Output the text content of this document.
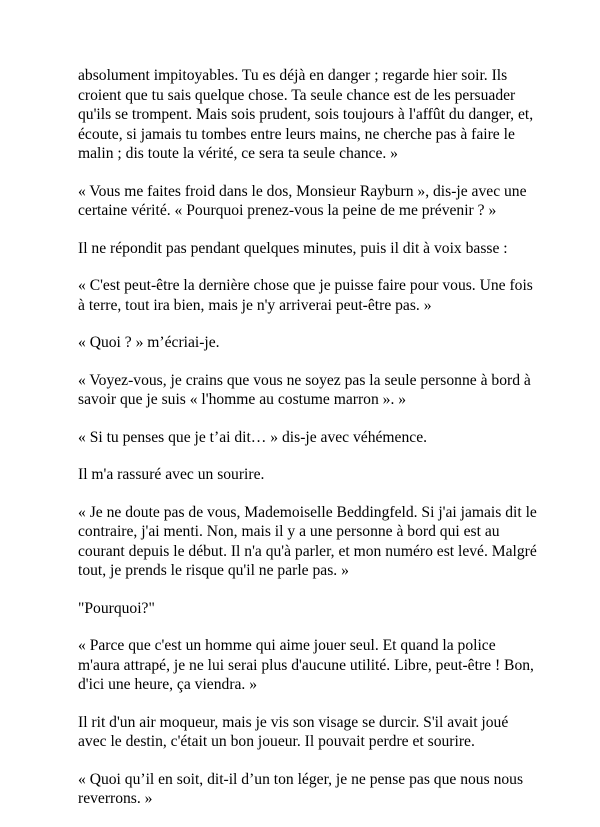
absolument impitoyables. Tu es déjà en danger ; regarde hier soir. Ils croient que tu sais quelque chose. Ta seule chance est de les persuader qu'ils se trompent. Mais sois prudent, sois toujours à l'affût du danger, et, écoute, si jamais tu tombes entre leurs mains, ne cherche pas à faire le malin ; dis toute la vérité, ce sera ta seule chance. »

« Vous me faites froid dans le dos, Monsieur Rayburn », dis-je avec une certaine vérité. « Pourquoi prenez-vous la peine de me prévenir ? »

Il ne répondit pas pendant quelques minutes, puis il dit à voix basse :

« C'est peut-être la dernière chose que je puisse faire pour vous. Une fois à terre, tout ira bien, mais je n'y arriverai peut-être pas. »

« Quoi ? » m’écriai-je.

« Voyez-vous, je crains que vous ne soyez pas la seule personne à bord à savoir que je suis « l'homme au costume marron ». »

« Si tu penses que je t’ai dit… » dis-je avec véhémence.

Il m'a rassuré avec un sourire.

« Je ne doute pas de vous, Mademoiselle Beddingfeld. Si j'ai jamais dit le contraire, j'ai menti. Non, mais il y a une personne à bord qui est au courant depuis le début. Il n'a qu'à parler, et mon numéro est levé. Malgré tout, je prends le risque qu'il ne parle pas. »

"Pourquoi?"

« Parce que c'est un homme qui aime jouer seul. Et quand la police m'aura attrapé, je ne lui serai plus d'aucune utilité. Libre, peut-être ! Bon, d'ici une heure, ça viendra. »

Il rit d'un air moqueur, mais je vis son visage se durcir. S'il avait joué avec le destin, c'était un bon joueur. Il pouvait perdre et sourire.

« Quoi qu’il en soit, dit-il d’un ton léger, je ne pense pas que nous nous reverrons. »
